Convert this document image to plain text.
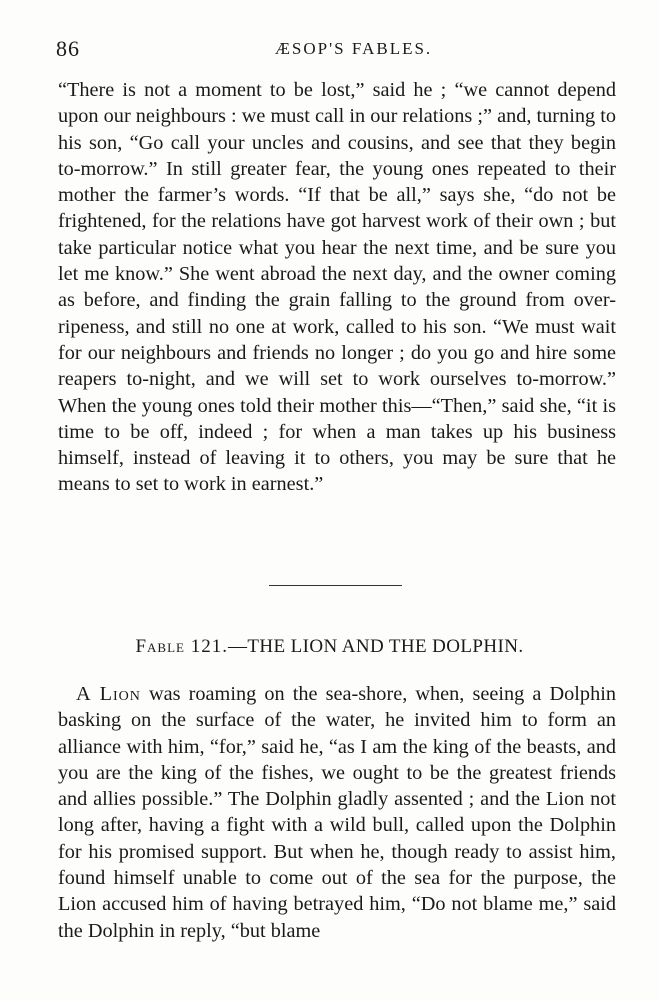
86	ÆSOP'S FABLES.

“There is not a moment to be lost,” said he ; “we cannot depend upon our neighbours : we must call in our relations ;” and, turning to his son, “Go call your uncles and cousins, and see that they begin to-morrow.” In still greater fear, the young ones repeated to their mother the farmer’s words. “If that be all,” says she, “do not be frightened, for the relations have got harvest work of their own ; but take particular notice what you hear the next time, and be sure you let me know.” She went abroad the next day, and the owner coming as before, and finding the grain falling to the ground from over-ripeness, and still no one at work, called to his son. “We must wait for our neighbours and friends no longer ; do you go and hire some reapers to-night, and we will set to work ourselves to-morrow.” When the young ones told their mother this—“Then,” said she, “it is time to be off, indeed ; for when a man takes up his business himself, instead of leaving it to others, you may be sure that he means to set to work in earnest.”

Fable 121.—THE LION AND THE DOLPHIN.

A Lion was roaming on the sea-shore, when, seeing a Dolphin basking on the surface of the water, he invited him to form an alliance with him, “for,” said he, “as I am the king of the beasts, and you are the king of the fishes, we ought to be the greatest friends and allies possible.” The Dolphin gladly assented ; and the Lion not long after, having a fight with a wild bull, called upon the Dolphin for his promised support. But when he, though ready to assist him, found himself unable to come out of the sea for the purpose, the Lion accused him of having betrayed him, “Do not blame me,” said the Dolphin in reply, “but blame
